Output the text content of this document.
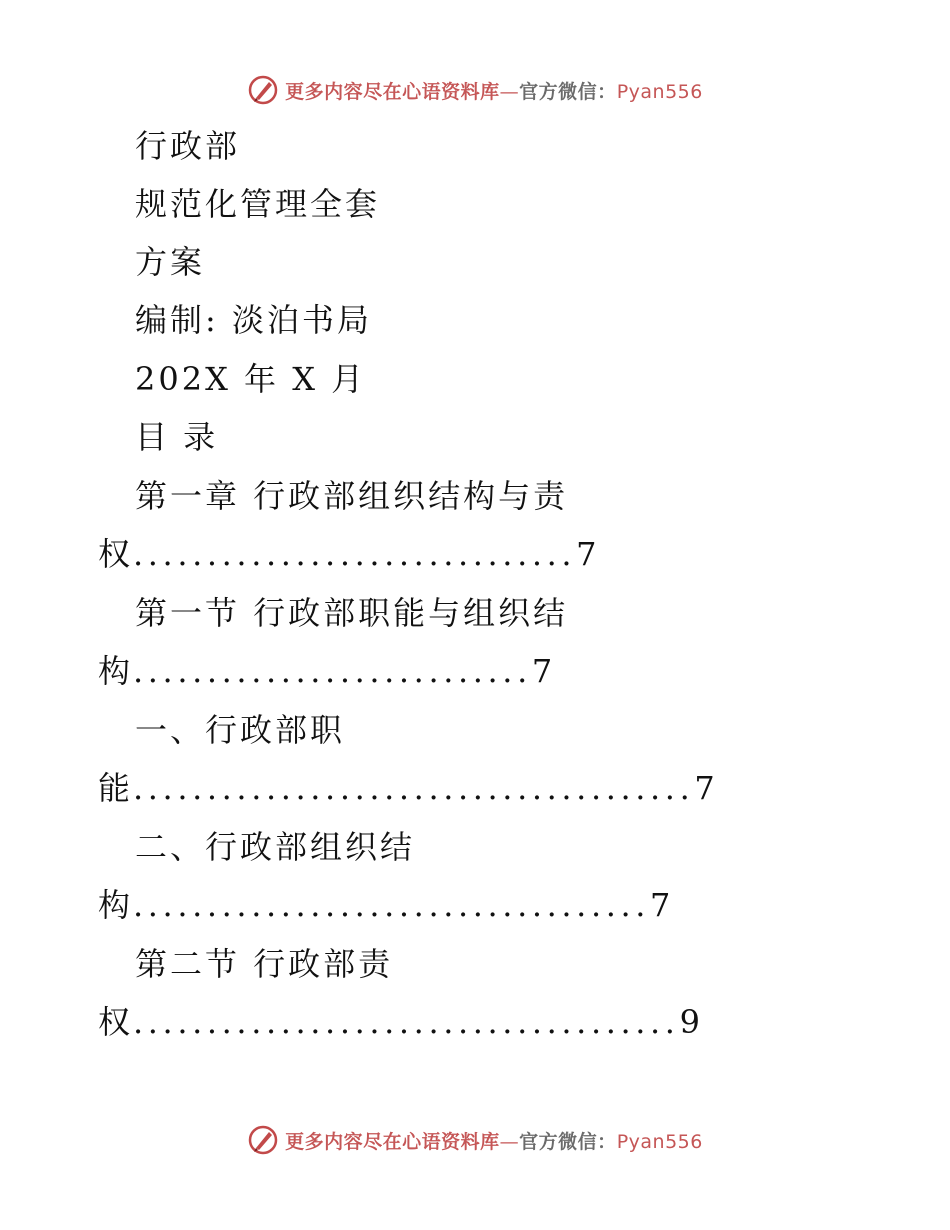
更多内容尽在心语资料库—官方微信：Pyan556
行政部
规范化管理全套
方案
编制: 淡泊书局
202X 年 X 月
目 录
第一章 行政部组织结构与责
权 .............................. 7
第一节 行政部职能与组织结
构 ........................... 7
一、行政部职
能 ...................................... 7
二、行政部组织结
构 ................................... 7
第二节 行政部责
权 ..................................... 9
更多内容尽在心语资料库—官方微信：Pyan556
